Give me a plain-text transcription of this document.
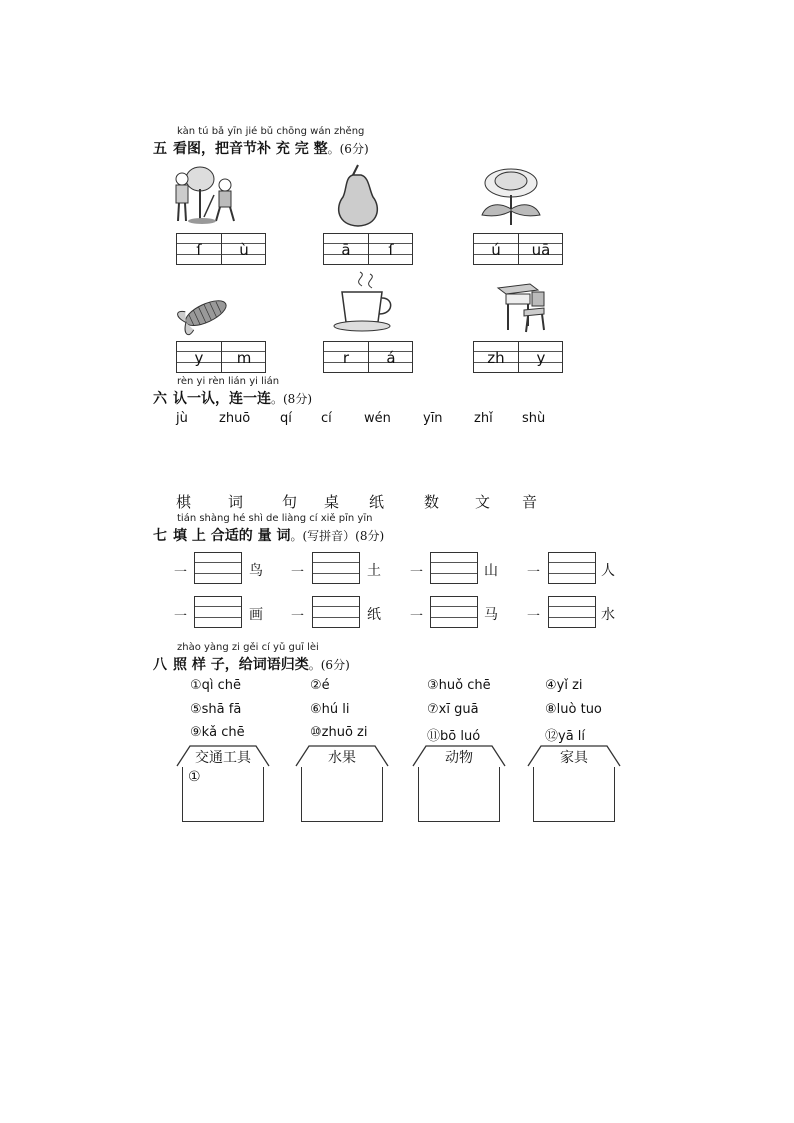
kàn tú bǎ yīn jié bǔ chōng wán zhěng
五 看图，把音节补 充 完 整。(6分)
ſ	ù	ā	ſ	ú	uā
y	m	r	á	zh	y
rèn yi rèn lián yi lián
六 认一认，连一连。(8分)
jù zhuō qí cí wén yīn zhǐ shù
棋 词	句 桌 纸	数 文 音
tián shàng hé shì de liàng cí xiě pīn yīn
七 填 上 合适的 量 词。(写拼音）(8分)
一	鸟 一	土 一	山 一	人
一	画 一	纸 一	马 一	水
zhào yàng zi gěi cí yǔ guī lèi
八 照 样 子，给词语归类。(6分)
①qì chē	②é	③huǒ chē	④yǐ zi
⑤shā fā	⑥hú li	⑦xī guā	⑧luò tuo
⑨kǎ chē	⑩zhuō zi	⑪bō luó	⑫yā lí
交通工具
①
水果	动物	家具
